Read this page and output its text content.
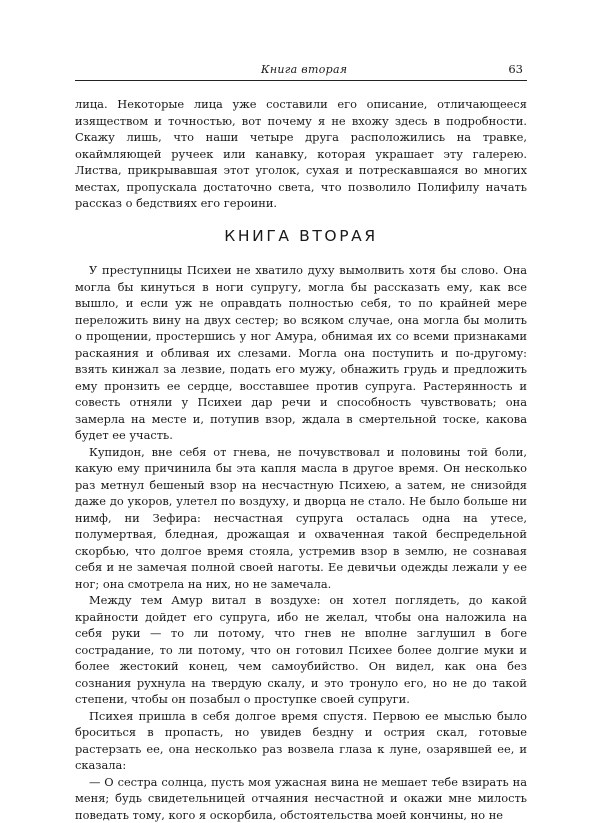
Книга вторая	63

лица. Некоторые лица уже составили его описание, отличающееся изяществом и точностью, вот почему я не вхожу здесь в подробности. Скажу лишь, что наши четыре друга расположились на травке, окаймляющей ручеек или канавку, которая украшает эту галерею. Листва, прикрывавшая этот уголок, сухая и потрескавшаяся во многих местах, пропускала достаточно света, что позволило Полифилу начать рассказ о бедствиях его героини.

КНИГА ВТОРАЯ

У преступницы Психеи не хватило духу вымолвить хотя бы слово. Она могла бы кинуться в ноги супругу, могла бы рассказать ему, как все вышло, и если уж не оправдать полностью себя, то по крайней мере переложить вину на двух сестер; во всяком случае, она могла бы молить о прощении, простершись у ног Амура, обнимая их со всеми признаками раскаяния и обливая их слезами. Могла она поступить и по-другому: взять кинжал за лезвие, подать его мужу, обнажить грудь и предложить ему пронзить ее сердце, восставшее против супруга. Растерянность и совесть отняли у Психеи дар речи и способность чувствовать; она замерла на месте и, потупив взор, ждала в смертельной тоске, какова будет ее участь.

Купидон, вне себя от гнева, не почувствовал и половины той боли, какую ему причинила бы эта капля масла в другое время. Он несколько раз метнул бешеный взор на несчастную Психею, а затем, не снизойдя даже до укоров, улетел по воздуху, и дворца не стало. Не было больше ни нимф, ни Зефира: несчастная супруга осталась одна на утесе, полумертвая, бледная, дрожащая и охваченная такой беспредельной скорбью, что долгое время стояла, устремив взор в землю, не сознавая себя и не замечая полной своей наготы. Ее девичьи одежды лежали у ее ног; она смотрела на них, но не замечала.

Между тем Амур витал в воздухе: он хотел поглядеть, до какой крайности дойдет его супруга, ибо не желал, чтобы она наложила на себя руки — то ли потому, что гнев не вполне заглушил в боге сострадание, то ли потому, что он готовил Психее более долгие муки и более жестокий конец, чем самоубийство. Он видел, как она без сознания рухнула на твердую скалу, и это тронуло его, но не до такой степени, чтобы он позабыл о проступке своей супруги.

Психея пришла в себя долгое время спустя. Первою ее мыслью было броситься в пропасть, но увидев бездну и острия скал, готовые растерзать ее, она несколько раз возвела глаза к луне, озарявшей ее, и сказала:

— О сестра солнца, пусть моя ужасная вина не мешает тебе взирать на меня; будь свидетельницей отчаяния несчастной и окажи мне милость поведать тому, кого я оскорбила, обстоятельства моей кончины, но не
